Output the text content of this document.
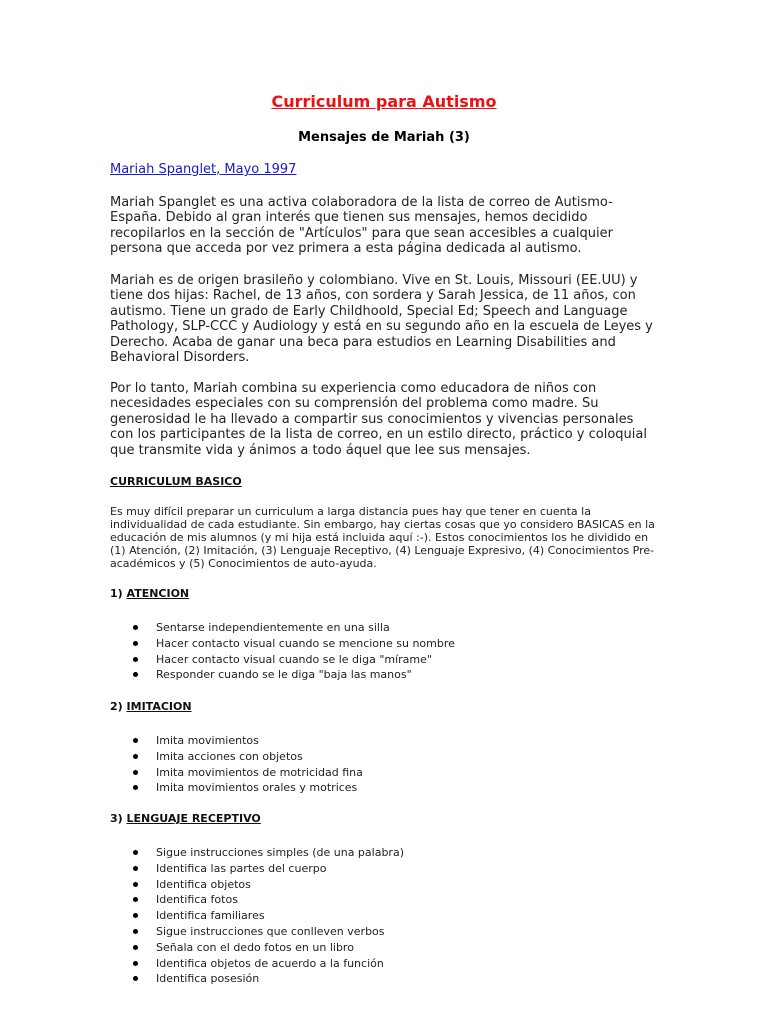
Curriculum para Autismo
Mensajes de Mariah (3)
Mariah Spanglet, Mayo 1997

Mariah Spanglet es una activa colaboradora de la lista de correo de Autismo-España. Debido al gran interés que tienen sus mensajes, hemos decidido recopilarlos en la sección de "Artículos" para que sean accesibles a cualquier persona que acceda por vez primera a esta página dedicada al autismo.

Mariah es de origen brasileño y colombiano. Vive en St. Louis, Missouri (EE.UU) y tiene dos hijas: Rachel, de 13 años, con sordera y Sarah Jessica, de 11 años, con autismo. Tiene un grado de Early Childhoold, Special Ed; Speech and Language Pathology, SLP-CCC y Audiology y está en su segundo año en la escuela de Leyes y Derecho. Acaba de ganar una beca para estudios en Learning Disabilities and Behavioral Disorders.

Por lo tanto, Mariah combina su experiencia como educadora de niños con necesidades especiales con su comprensión del problema como madre. Su generosidad le ha llevado a compartir sus conocimientos y vivencias personales con los participantes de la lista de correo, en un estilo directo, práctico y coloquial que transmite vida y ánimos a todo áquel que lee sus mensajes.

CURRICULUM BASICO

Es muy difícil preparar un curriculum a larga distancia pues hay que tener en cuenta la individualidad de cada estudiante. Sin embargo, hay ciertas cosas que yo considero BASICAS en la educación de mis alumnos (y mi hija está incluida aquí :-). Estos conocimientos los he dividido en (1) Atención, (2) Imitación, (3) Lenguaje Receptivo, (4) Lenguaje Expresivo, (4) Conocimientos Pre-académicos y (5) Conocimientos de auto-ayuda.

1) ATENCION

Sentarse independientemente en una silla
Hacer contacto visual cuando se mencione su nombre
Hacer contacto visual cuando se le diga "mírame"
Responder cuando se le diga "baja las manos"

2) IMITACION

Imita movimientos
Imita acciones con objetos
Imita movimientos de motricidad fina
Imita movimientos orales y motrices

3) LENGUAJE RECEPTIVO

Sigue instrucciones simples (de una palabra)
Identifica las partes del cuerpo
Identifica objetos
Identifica fotos
Identifica familiares
Sigue instrucciones que conlleven verbos
Señala con el dedo fotos en un libro
Identifica objetos de acuerdo a la función
Identifica posesión
